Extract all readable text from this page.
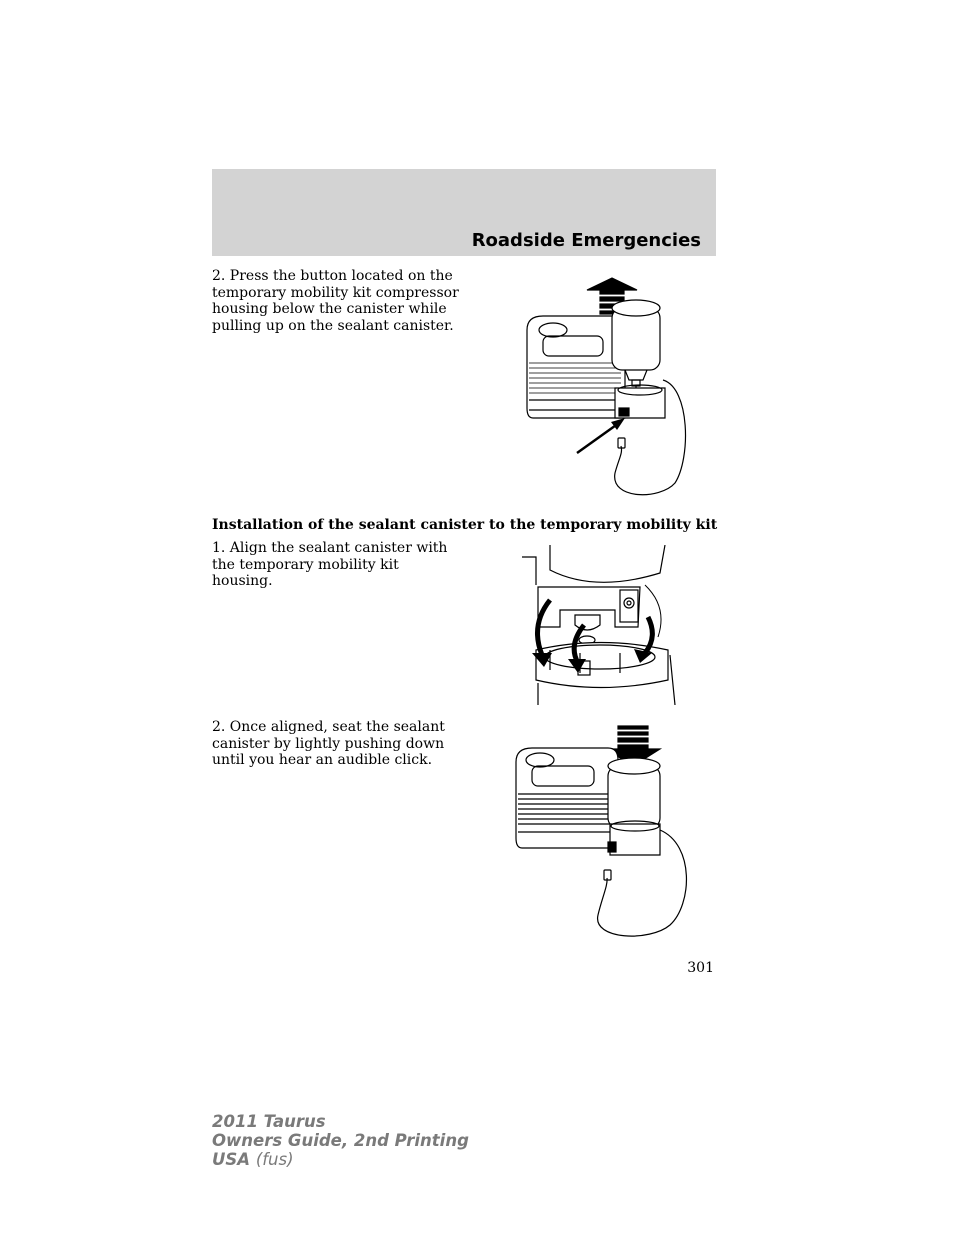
Roadside Emergencies
2. Press the button located on the temporary mobility kit compressor housing below the canister while pulling up on the sealant canister.
Installation of the sealant canister to the temporary mobility kit
1. Align the sealant canister with the temporary mobility kit housing.
2. Once aligned, seat the sealant canister by lightly pushing down until you hear an audible click.
301
2011 Taurus
Owners Guide, 2nd Printing
USA (fus)
